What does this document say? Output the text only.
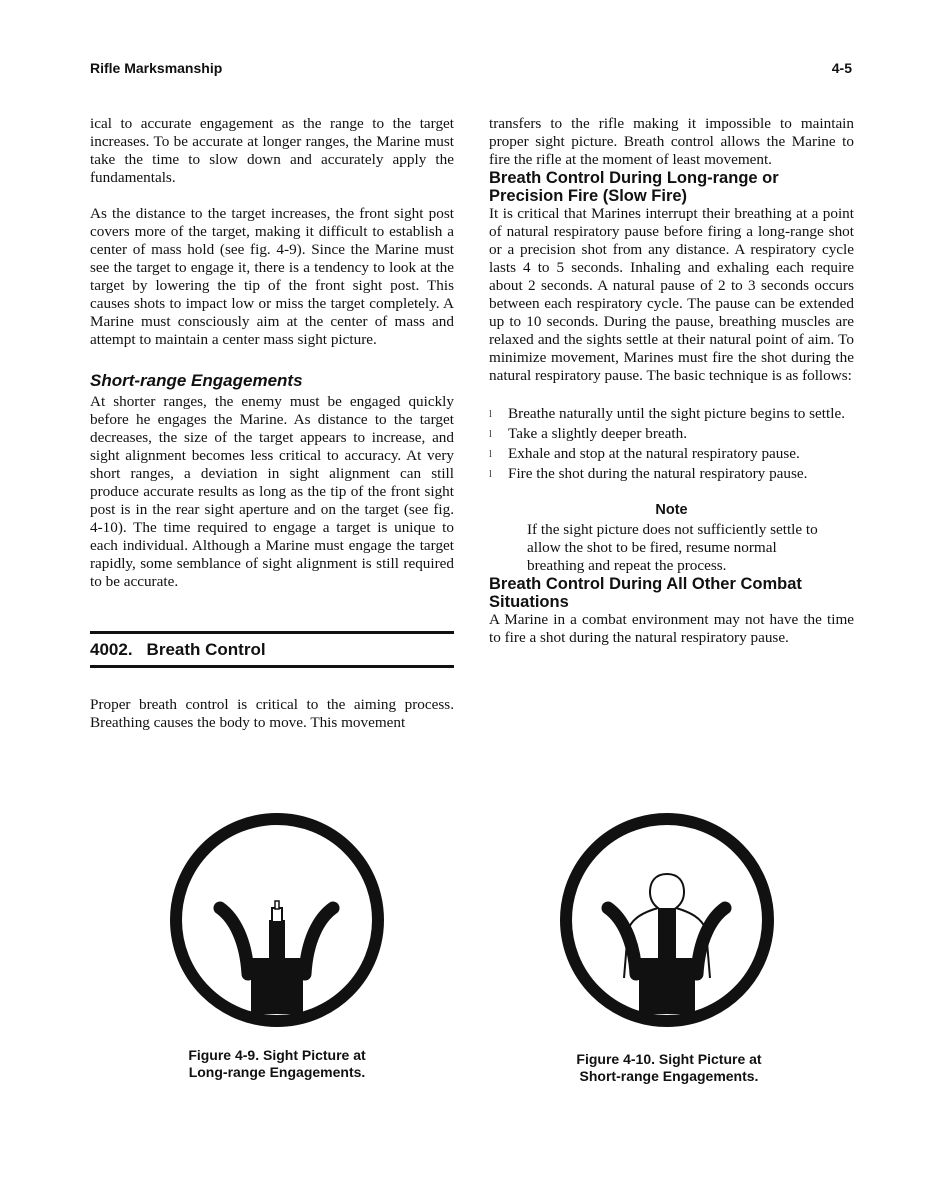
Rifle Marksmanship	4-5

ical to accurate engagement as the range to the target increases. To be accurate at longer ranges, the Marine must take the time to slow down and accurately apply the fundamentals.

As the distance to the target increases, the front sight post covers more of the target, making it difficult to establish a center of mass hold (see fig. 4-9). Since the Marine must see the target to engage it, there is a tendency to look at the target by lowering the tip of the front sight post. This causes shots to impact low or miss the target completely. A Marine must consciously aim at the center of mass and attempt to maintain a center mass sight picture.

Short-range Engagements

At shorter ranges, the enemy must be engaged quickly before he engages the Marine. As distance to the target decreases, the size of the target appears to increase, and sight alignment becomes less critical to accuracy. At very short ranges, a deviation in sight alignment can still produce accurate results as long as the tip of the front sight post is in the rear sight aperture and on the target (see fig. 4-10). The time required to engage a target is unique to each individual. Although a Marine must engage the target rapidly, some semblance of sight alignment is still required to be accurate.

4002. Breath Control

Proper breath control is critical to the aiming process. Breathing causes the body to move. This movement

transfers to the rifle making it impossible to maintain proper sight picture. Breath control allows the Marine to fire the rifle at the moment of least movement.

Breath Control During Long-range or Precision Fire (Slow Fire)

It is critical that Marines interrupt their breathing at a point of natural respiratory pause before firing a long-range shot or a precision shot from any distance. A respiratory cycle lasts 4 to 5 seconds. Inhaling and exhaling each require about 2 seconds. A natural pause of 2 to 3 seconds occurs between each respiratory cycle. The pause can be extended up to 10 seconds. During the pause, breathing muscles are relaxed and the sights settle at their natural point of aim. To minimize movement, Marines must fire the shot during the natural respiratory pause. The basic technique is as follows:

l Breathe naturally until the sight picture begins to settle.
l Take a slightly deeper breath.
l Exhale and stop at the natural respiratory pause.
l Fire the shot during the natural respiratory pause.
Note

If the sight picture does not sufficiently settle to allow the shot to be fired, resume normal breathing and repeat the process.

Breath Control During All Other Combat Situations

A Marine in a combat environment may not have the time to fire a shot during the natural respiratory pause.

Figure 4-9. Sight Picture at
Long-range Engagements.
Figure 4-10. Sight Picture at
Short-range Engagements.
